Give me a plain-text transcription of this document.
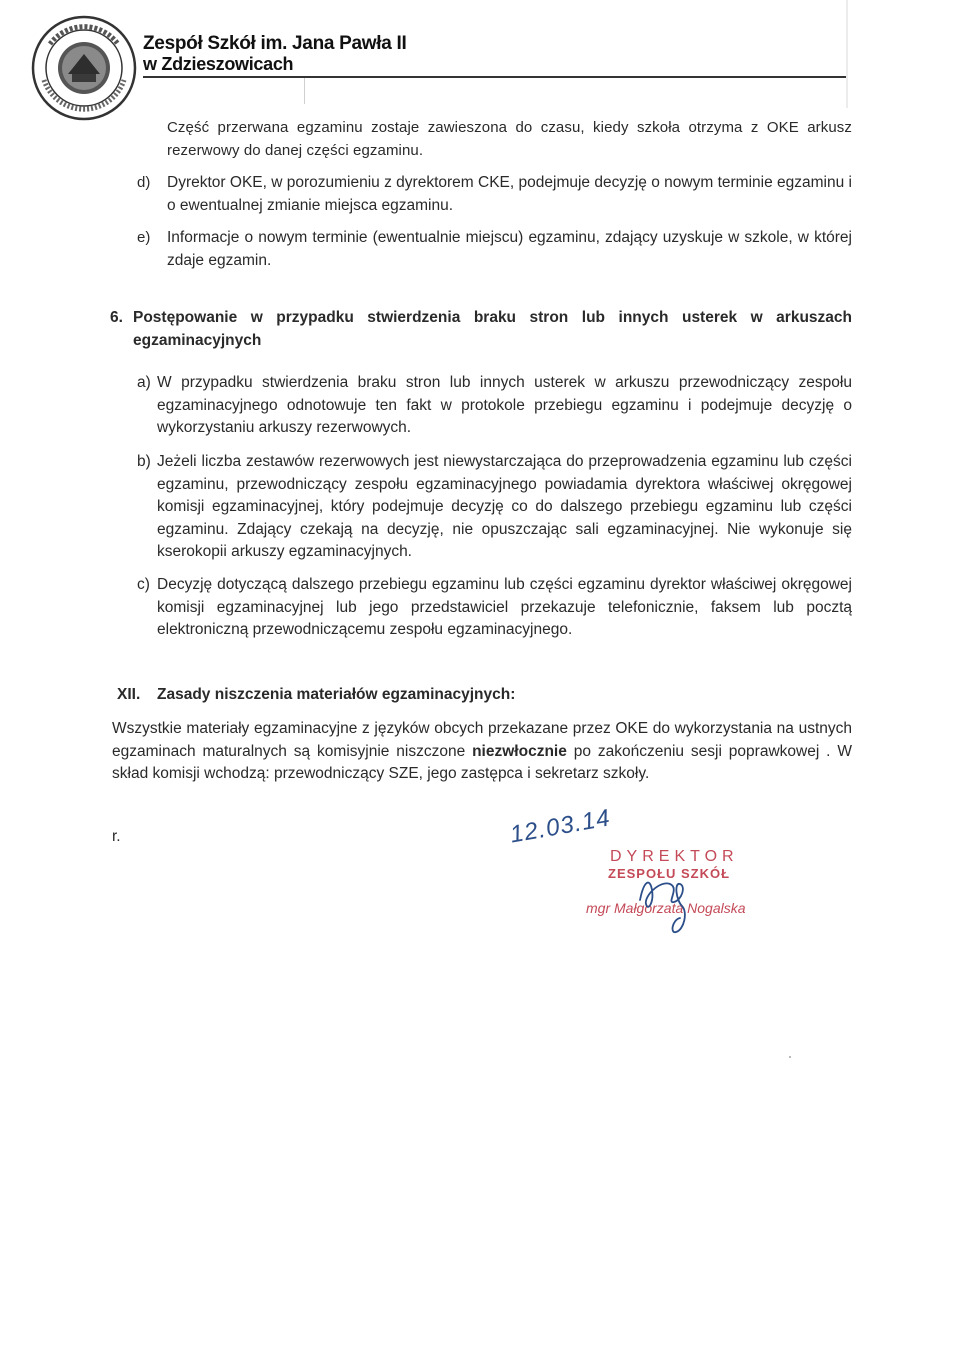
Zespół Szkół im. Jana Pawła II
w Zdzieszowicach
Część przerwana egzaminu zostaje zawieszona do czasu, kiedy szkoła otrzyma z OKE arkusz rezerwowy do danej części egzaminu.
d) Dyrektor OKE, w porozumieniu z dyrektorem CKE, podejmuje decyzję o nowym terminie egzaminu i o ewentualnej zmianie miejsca egzaminu.
e) Informacje o nowym terminie (ewentualnie miejscu) egzaminu, zdający uzyskuje w szkole, w której zdaje egzamin.
6. Postępowanie w przypadku stwierdzenia braku stron lub innych usterek w arkuszach egzaminacyjnych
a) W przypadku stwierdzenia braku stron lub innych usterek w arkuszu przewodniczący zespołu egzaminacyjnego odnotowuje ten fakt w protokole przebiegu egzaminu i podejmuje decyzję o wykorzystaniu arkuszy rezerwowych.
b) Jeżeli liczba zestawów rezerwowych jest niewystarczająca do przeprowadzenia egzaminu lub części egzaminu, przewodniczący zespołu egzaminacyjnego powiadamia dyrektora właściwej okręgowej komisji egzaminacyjnej, który podejmuje decyzję co do dalszego przebiegu egzaminu lub części egzaminu. Zdający czekają na decyzję, nie opuszczając sali egzaminacyjnej. Nie wykonuje się kserokopii arkuszy egzaminacyjnych.
c) Decyzję dotyczącą dalszego przebiegu egzaminu lub części egzaminu dyrektor właściwej okręgowej komisji egzaminacyjnej lub jego przedstawiciel przekazuje telefonicznie, faksem lub pocztą elektroniczną przewodniczącemu zespołu egzaminacyjnego.
XII. Zasady niszczenia materiałów egzaminacyjnych:
Wszystkie materiały egzaminacyjne z języków obcych przekazane przez OKE do wykorzystania na ustnych egzaminach maturalnych są komisyjnie niszczone niezwłocznie po zakończeniu sesji poprawkowej . W skład komisji wchodzą: przewodniczący SZE, jego zastępca i sekretarz szkoły.
r.	12.03.14
DYREKTOR
ZESPOŁU SZKÓŁ
mgr Małgorzata Nogalska
